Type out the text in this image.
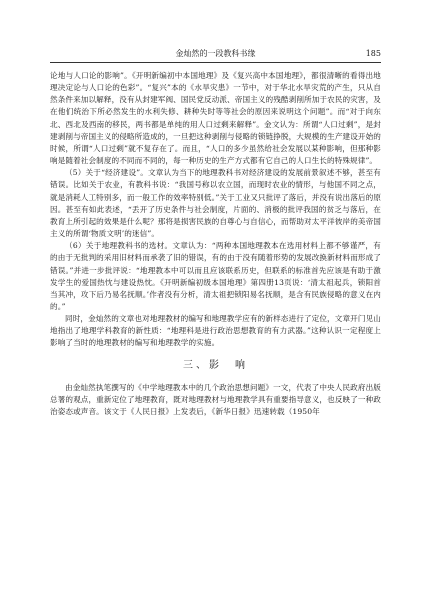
金灿然的一段教科书缘	185

论地与人口论的影响”。《开明新编初中本国地理》及《复兴高中本国地理》，都很清晰的看得出地理决定论与人口论的色彩”。“复兴”本的《水旱灾患》一节中，对于华北水旱灾荒的产生，只从自然条件来加以解释，没有从封建军阀、国民党反动派、帝国主义的残酷剥削所加于农民的灾害，及在他们统治下所必然发生的水利失修、耕种失时等等社会的原因来说明这个问题”。而“对于向东北、西北及西南的移民，两书都是单纯的用人口过剩来解释”。金文认为：所谓“人口过剩”，是封建剥削与帝国主义的侵略所造成的，一旦把这种剥削与侵略的锁链挣脱，大规模的生产建设开始的时候，所谓“人口过剩”就不复存在了。而且，“人口的多少虽然给社会发展以某种影响，但那种影响是随着社会制度的不同而不同的，每一种历史的生产方式都有它自己的人口生长的特殊规律”。

（5）关于“经济建设”。文章认为当下的地理教科书对经济建设的发展前景叙述不够，甚至有错误。比如关于农业，有教科书说：“我国号称以农立国，而现时农业的情形，与他国不同之点，就是消耗人工特别多，而一般工作的效率特别低。”关于工业又只批评了落后，并没有说出落后的原因。甚至有如此表述，“丢开了历史条件与社会制度，片面的、消极的批评我国的贫乏与落后，在教育上所引起的效果是什么呢？那将是损害民族的自尊心与自信心，而帮助对太平洋彼岸的美帝国主义的所谓‘物质文明’的迷信”。

（6）关于地理教科书的选材。文章认为：“两种本国地理教本在选用材料上都不够谨严，有的由于无批判的采用旧材料而承袭了旧的错误，有的由于没有随着形势的发展改换新材料而形成了错误。”并进一步批评说：“地理教本中可以而且应该联系历史，但联系的标准首先应该是有助于激发学生的爱国热忱与建设热忱。《开明新编初级本国地理》第四册13页说：‘清太祖起兵，锁阳首当其冲，攻下后乃易名抚顺。’作者没有分析，清太祖把锁阳易名抚顺，是含有民族侵略的意义在内的。”

同时，金灿然的文章也对地理教材的编写和地理教学应有的新样态进行了定位，文章开门见山地指出了地理学科教育的新性质：“地理科是进行政治思想教育的有力武器。”这种认识一定程度上影响了当时的地理教材的编写和地理教学的实施。

三、影　响

由金灿然执笔撰写的《中学地理教本中的几个政治思想问题》一文，代表了中央人民政府出版总署的观点，重新定位了地理教育，既对地理教材与地理教学具有重要指导意义，也反映了一种政治姿态或声音。该文于《人民日报》上发表后，《新华日报》迅速转载（1950年
